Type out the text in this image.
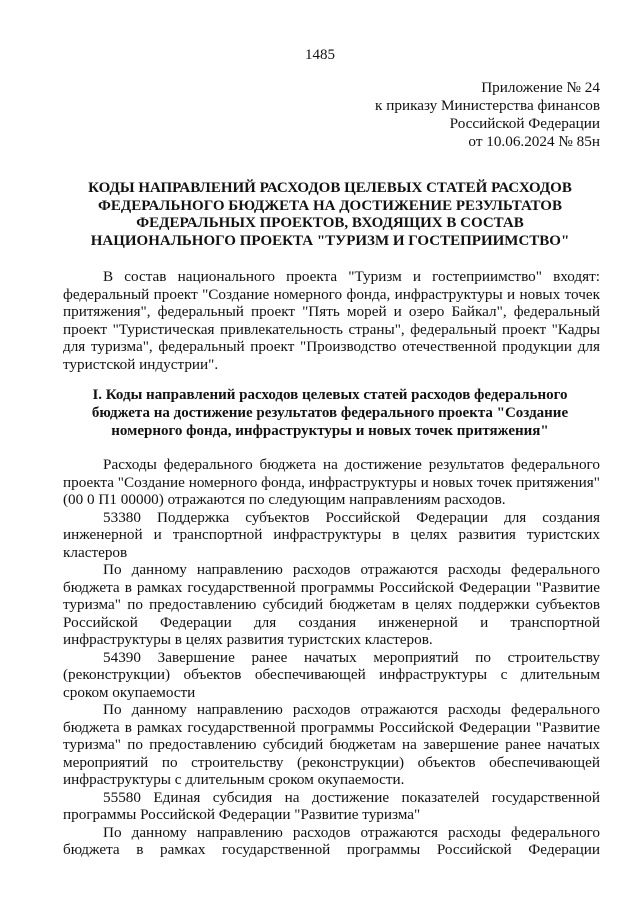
1485
Приложение № 24
к приказу Министерства финансов
Российской Федерации
от 10.06.2024 № 85н
КОДЫ НАПРАВЛЕНИЙ РАСХОДОВ ЦЕЛЕВЫХ СТАТЕЙ РАСХОДОВ ФЕДЕРАЛЬНОГО БЮДЖЕТА НА ДОСТИЖЕНИЕ РЕЗУЛЬТАТОВ ФЕДЕРАЛЬНЫХ ПРОЕКТОВ, ВХОДЯЩИХ В СОСТАВ НАЦИОНАЛЬНОГО ПРОЕКТА "ТУРИЗМ И ГОСТЕПРИИМСТВО"

В состав национального проекта "Туризм и гостеприимство" входят: федеральный проект "Создание номерного фонда, инфраструктуры и новых точек притяжения", федеральный проект "Пять морей и озеро Байкал", федеральный проект "Туристическая привлекательность страны", федеральный проект "Кадры для туризма", федеральный проект "Производство отечественной продукции для туристской индустрии".

I. Коды направлений расходов целевых статей расходов федерального бюджета на достижение результатов федерального проекта "Создание номерного фонда, инфраструктуры и новых точек притяжения"

Расходы федерального бюджета на достижение результатов федерального проекта "Создание номерного фонда, инфраструктуры и новых точек притяжения" (00 0 П1 00000) отражаются по следующим направлениям расходов.

53380 Поддержка субъектов Российской Федерации для создания инженерной и транспортной инфраструктуры в целях развития туристских кластеров

По данному направлению расходов отражаются расходы федерального бюджета в рамках государственной программы Российской Федерации "Развитие туризма" по предоставлению субсидий бюджетам в целях поддержки субъектов Российской Федерации для создания инженерной и транспортной инфраструктуры в целях развития туристских кластеров.

54390 Завершение ранее начатых мероприятий по строительству (реконструкции) объектов обеспечивающей инфраструктуры с длительным сроком окупаемости

По данному направлению расходов отражаются расходы федерального бюджета в рамках государственной программы Российской Федерации "Развитие туризма" по предоставлению субсидий бюджетам на завершение ранее начатых мероприятий по строительству (реконструкции) объектов обеспечивающей инфраструктуры с длительным сроком окупаемости.

55580 Единая субсидия на достижение показателей государственной программы Российской Федерации "Развитие туризма"

По данному направлению расходов отражаются расходы федерального бюджета в рамках государственной программы Российской Федерации
